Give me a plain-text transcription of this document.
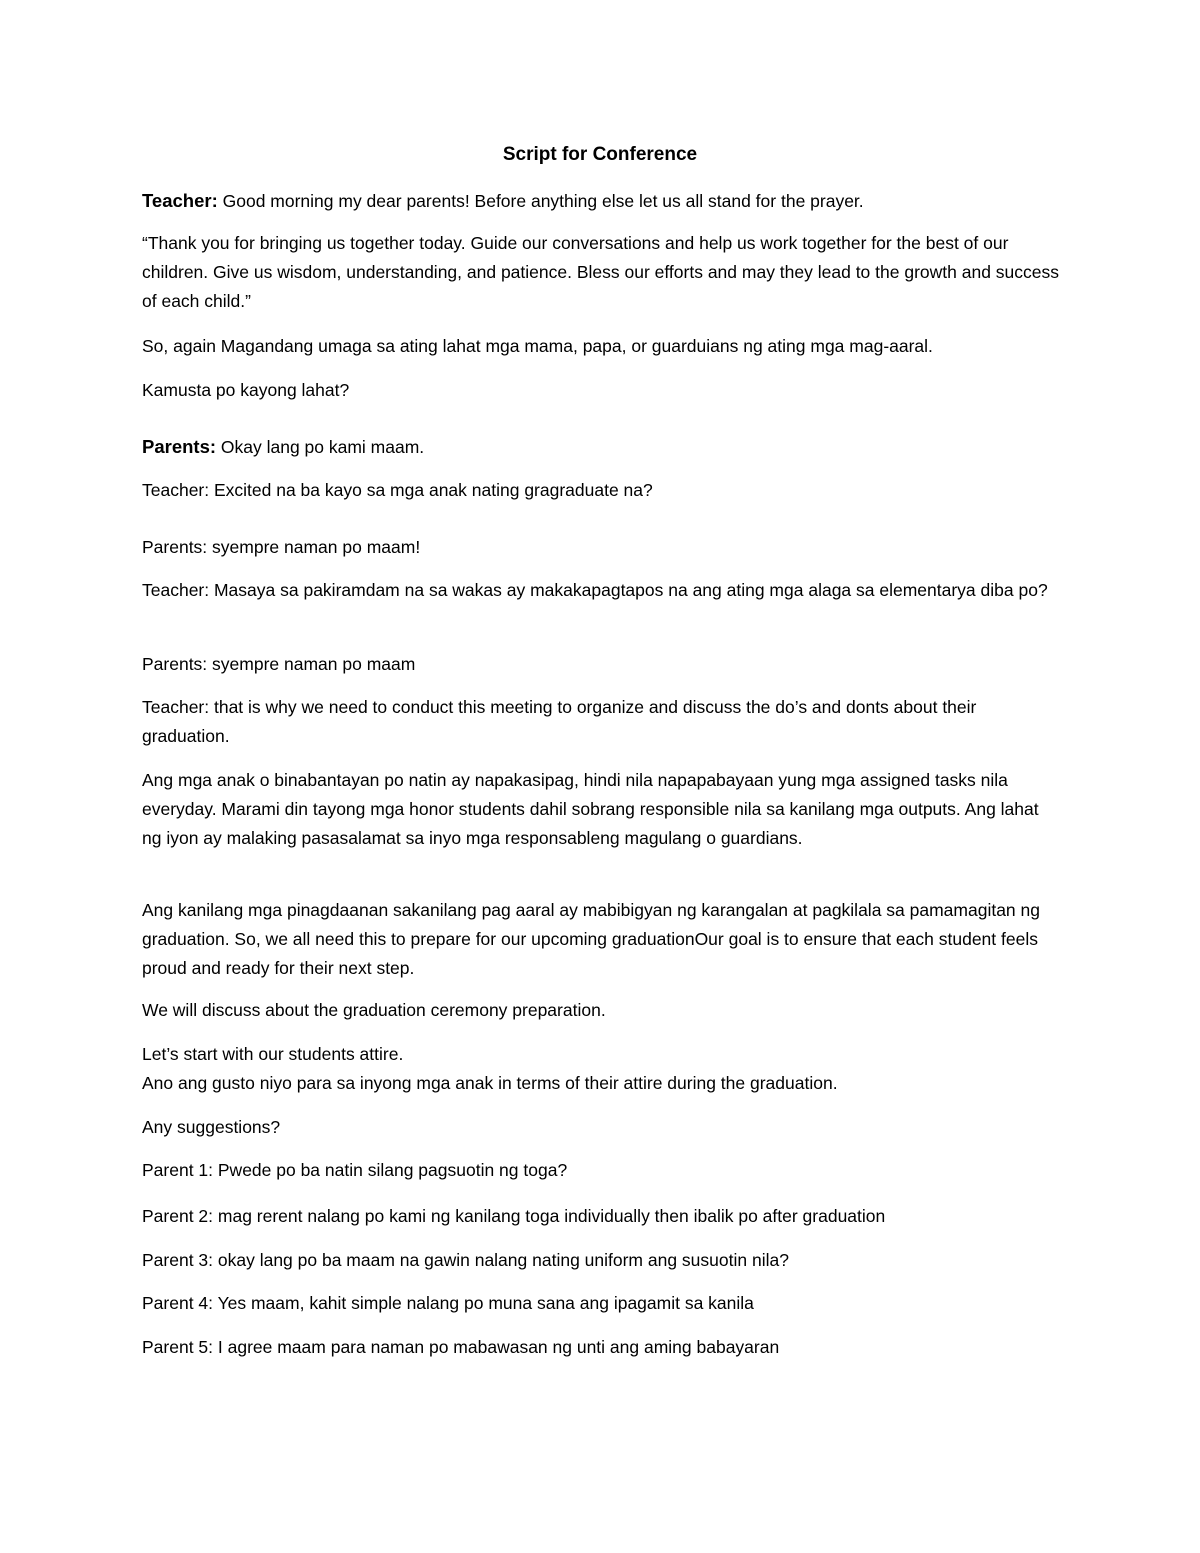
Script for Conference

Teacher: Good morning my dear parents! Before anything else let us all stand for the prayer.

“Thank you for bringing us together today. Guide our conversations and help us work together for the best of our children. Give us wisdom, understanding, and patience. Bless our efforts and may they lead to the growth and success of each child.”

So, again Magandang umaga sa ating lahat mga mama, papa, or guarduians ng ating mga mag-aaral.

Kamusta po kayong lahat?

Parents: Okay lang po kami maam.

Teacher: Excited na ba kayo sa mga anak nating gragraduate na?

Parents: syempre naman po maam!

Teacher: Masaya sa pakiramdam na sa wakas ay makakapagtapos na ang ating mga alaga sa elementarya diba po?

Parents: syempre naman po maam

Teacher: that is why we need to conduct this meeting to organize and discuss the do’s and donts about their graduation.

Ang mga anak o binabantayan po natin ay napakasipag, hindi nila napapabayaan yung mga assigned tasks nila everyday. Marami din tayong mga honor students dahil sobrang responsible nila sa kanilang mga outputs. Ang lahat ng iyon ay malaking pasasalamat sa inyo mga responsableng magulang o guardians.

Ang kanilang mga pinagdaanan sakanilang pag aaral ay mabibigyan ng karangalan at pagkilala sa pamamagitan ng graduation. So, we all need this to prepare for our upcoming graduationOur goal is to ensure that each student feels proud and ready for their next step.

We will discuss about the graduation ceremony preparation.

Let’s start with our students attire.

Ano ang gusto niyo para sa inyong mga anak in terms of their attire during the graduation.

Any suggestions?

Parent 1: Pwede po ba natin silang pagsuotin ng toga?

Parent 2: mag rerent nalang po kami ng kanilang toga individually then ibalik po after graduation

Parent 3: okay lang po ba maam na gawin nalang nating uniform ang susuotin nila?

Parent 4: Yes maam, kahit simple nalang po muna sana ang ipagamit sa kanila

Parent 5: I agree maam para naman po mabawasan ng unti ang aming babayaran
